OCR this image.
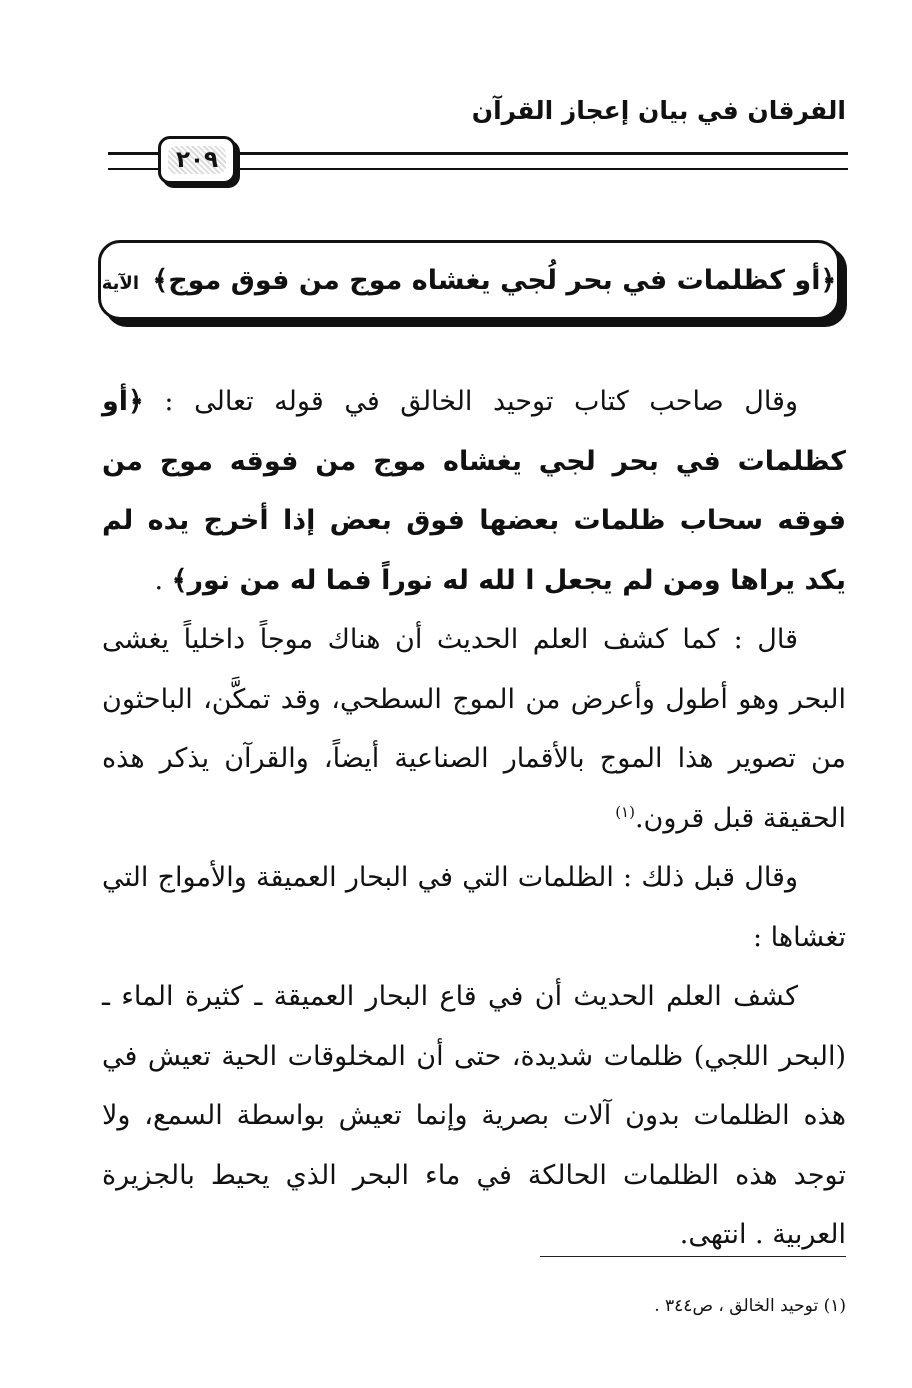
الفرقان في بيان إعجاز القرآن
٢٠٩
﴿أو كظلمات في بحر لُجي يغشاه موج من فوق موج﴾ الآية

وقال صاحب كتاب توحيد الخالق في قوله تعالى : ﴿أو كظلمات في بحر لجي يغشاه موج من فوقه موج من فوقه سحاب ظلمات بعضها فوق بعض إذا أخرج يده لم يكد يراها ومن لم يجعل ا لله له نوراً فما له من نور﴾ .

قال : كما كشف العلم الحديث أن هناك موجاً داخلياً يغشى البحر وهو أطول وأعرض من الموج السطحي، وقد تمكَّن، الباحثون من تصوير هذا الموج بالأقمار الصناعية أيضاً، والقرآن يذكر هذه الحقيقة قبل قرون.$^{(١)}$

وقال قبل ذلك : الظلمات التي في البحار العميقة والأمواج التي تغشاها :

كشف العلم الحديث أن في قاع البحار العميقة ـ كثيرة الماء ـ (البحر اللجي) ظلمات شديدة، حتى أن المخلوقات الحية تعيش في هذه الظلمات بدون آلات بصرية وإنما تعيش بواسطة السمع، ولا توجد هذه الظلمات الحالكة في ماء البحر الذي يحيط بالجزيرة العربية . انتهى.

(١) توحيد الخالق ، ص٣٤٤ .
